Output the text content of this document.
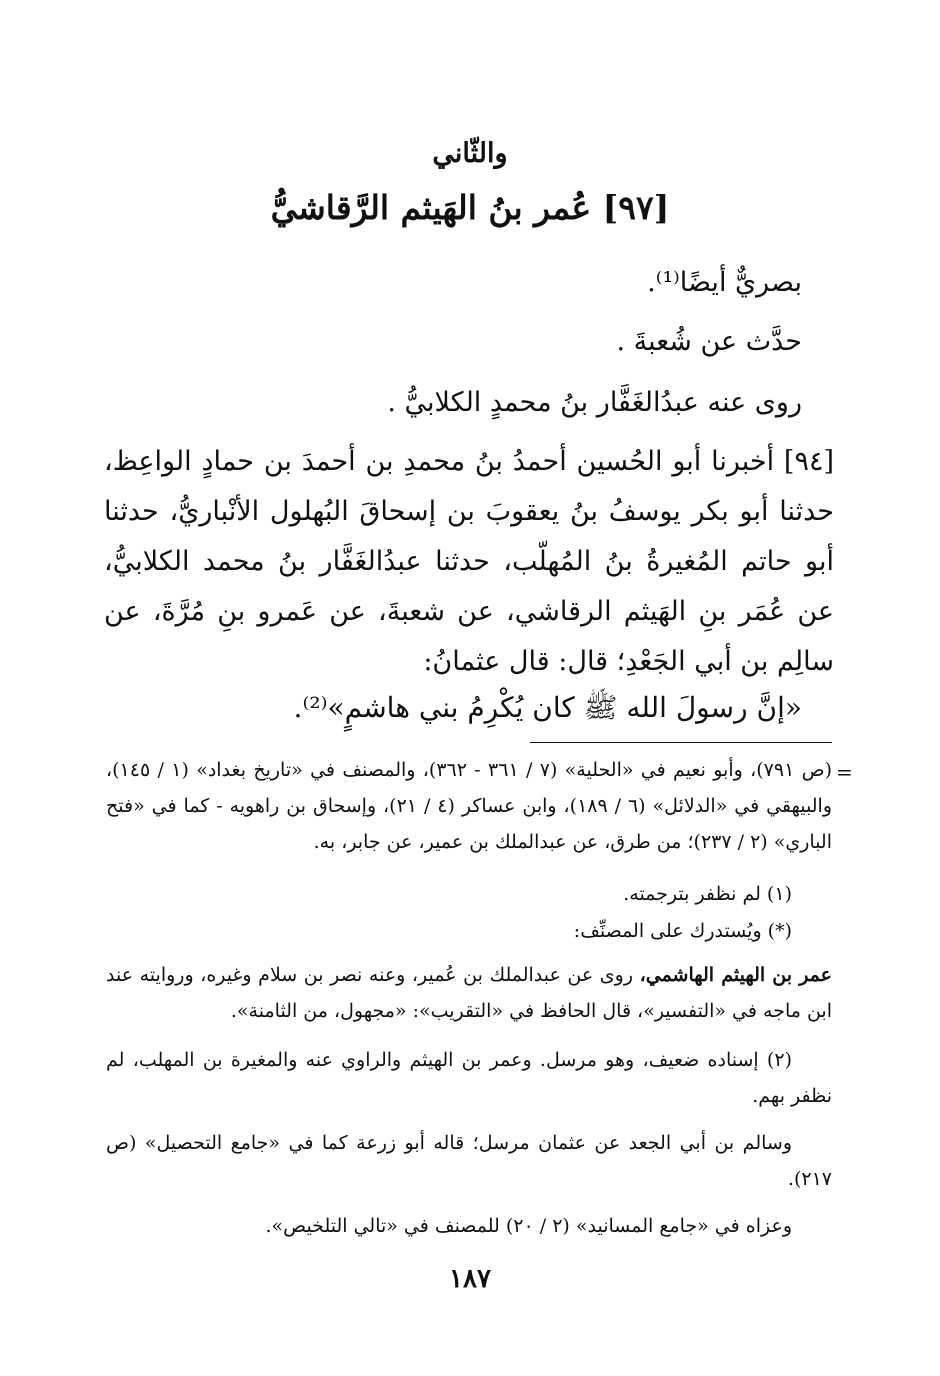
والثّاني
[٩٧] عُمر بنُ الهَيثم الرَّقاشيُّ
بصريٌّ أيضًا⁽¹⁾.
حدَّث عن شُعبةَ .
روى عنه عبدُالغَفَّار بنُ محمدٍ الكلابيُّ .

[٩٤] أخبرنا أبو الحُسين أحمدُ بنُ محمدِ بن أحمدَ بن حمادٍ الواعِظ، حدثنا أبو بكر يوسفُ بنُ يعقوبَ بن إسحاقَ البُهلول الأنْباريُّ، حدثنا أبو حاتم المُغيرةُ بنُ المُهلّب، حدثنا عبدُالغَفَّار بنُ محمد الكلابيُّ، عن عُمَر بنِ الهَيثم الرقاشي، عن شعبةَ، عن عَمرو بنِ مُرَّةَ، عن سالِم بن أبي الجَعْدِ؛ قال: قال عثمانُ:

«إنَّ رسولَ الله ﷺ كان يُكْرِمُ بني هاشمٍ»⁽²⁾.
=

(ص ٧٩١)، وأبو نعيم في «الحلية» (٧ / ٣٦١ - ٣٦٢)، والمصنف في «تاريخ بغداد» (١ / ١٤٥)، والبيهقي في «الدلائل» (٦ / ١٨٩)، وابن عساكر (٤ / ٢١)، وإسحاق بن راهويه - كما في «فتح الباري» (٢ / ٢٣٧)؛ من طرق، عن عبدالملك بن عمير، عن جابر، به.

(١) لم نظفر بترجمته.

(*) ويُستدرك على المصنِّف:

عمر بن الهيثم الهاشمي، روى عن عبدالملك بن عُمير، وعنه نصر بن سلام وغيره، وروايته عند ابن ماجه في «التفسير»، قال الحافظ في «التقريب»: «مجهول، من الثامنة».

(٢) إسناده ضعيف، وهو مرسل. وعمر بن الهيثم والراوي عنه والمغيرة بن المهلب، لم نظفر بهم.

وسالم بن أبي الجعد عن عثمان مرسل؛ قاله أبو زرعة كما في «جامع التحصيل» (ص ٢١٧).

وعزاه في «جامع المسانيد» (٢ / ٢٠) للمصنف في «تالي التلخيص».

١٨٧
